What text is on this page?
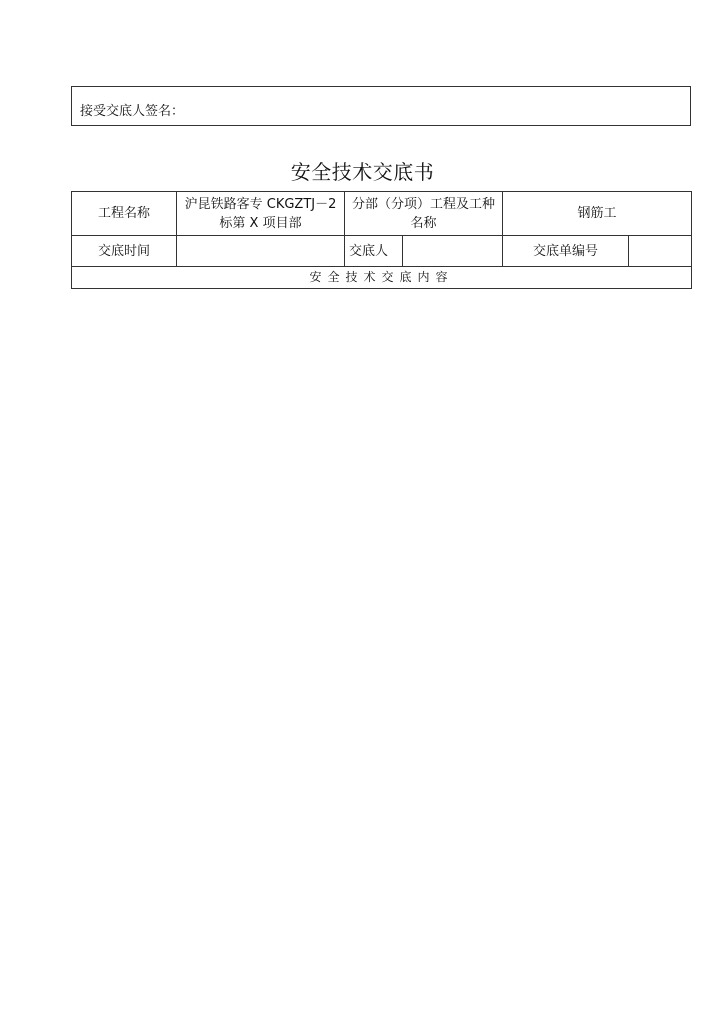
接受交底人签名：
安全技术交底书
工程名称	沪昆铁路客专 CKGZTJ－2 标第 X 项目部	分部（分项）工程及工种名称		钢筋工	
交底时间		交底人		交底单编号	
安全技术交底内容					
